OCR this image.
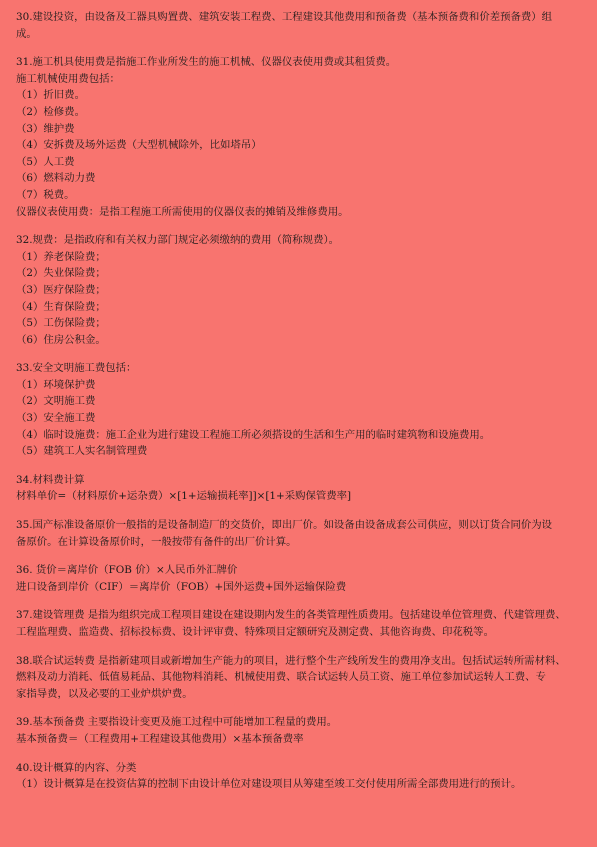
30.建设投资，由设备及工器具购置费、建筑安装工程费、工程建设其他费用和预备费（基本预备费和价差预备费）组
成。
31.施工机具使用费是指施工作业所发生的施工机械、仪器仪表使用费或其租赁费。
施工机械使用费包括：
（1）折旧费。
（2）检修费。
（3）维护费
（4）安拆费及场外运费（大型机械除外，比如塔吊）
（5）人工费
（6）燃料动力费
（7）税费。
仪器仪表使用费：是指工程施工所需使用的仪器仪表的摊销及维修费用。
32.规费：是指政府和有关权力部门规定必须缴纳的费用（简称规费）。
（1）养老保险费；
（2）失业保险费；
（3）医疗保险费；
（4）生育保险费；
（5）工伤保险费；
（6）住房公积金。
33.安全文明施工费包括：
（1）环境保护费
（2）文明施工费
（3）安全施工费
（4）临时设施费：施工企业为进行建设工程施工所必须搭设的生活和生产用的临时建筑物和设施费用。
（5）建筑工人实名制管理费
34.材料费计算
材料单价=（材料原价+运杂费）×[1+运输损耗率]]×[1+采购保管费率]
35.国产标准设备原价一般指的是设备制造厂的交货价，即出厂价。如设备由设备成套公司供应，则以订货合同价为设
备原价。在计算设备原价时，一般按带有备件的出厂价计算。
36. 货价＝离岸价（FOB 价）×人民币外汇牌价
进口设备到岸价（CIF）＝离岸价（FOB）+国外运费+国外运输保险费
37.建设管理费 是指为组织完成工程项目建设在建设期内发生的各类管理性质费用。包括建设单位管理费、代建管理费、
工程监理费、监造费、招标投标费、设计评审费、特殊项目定额研究及测定费、其他咨询费、印花税等。
38.联合试运转费 是指新建项目或新增加生产能力的项目，进行整个生产线所发生的费用净支出。包括试运转所需材料、
燃料及动力消耗、低值易耗品、其他物料消耗、机械使用费、联合试运转人员工资、施工单位参加试运转人工费、专
家指导费，以及必要的工业炉烘炉费。
39.基本预备费 主要指设计变更及施工过程中可能增加工程量的费用。
基本预备费＝（工程费用+工程建设其他费用）×基本预备费率
40.设计概算的内容、分类
（1）设计概算是在投资估算的控制下由设计单位对建设项目从筹建至竣工交付使用所需全部费用进行的预计。
